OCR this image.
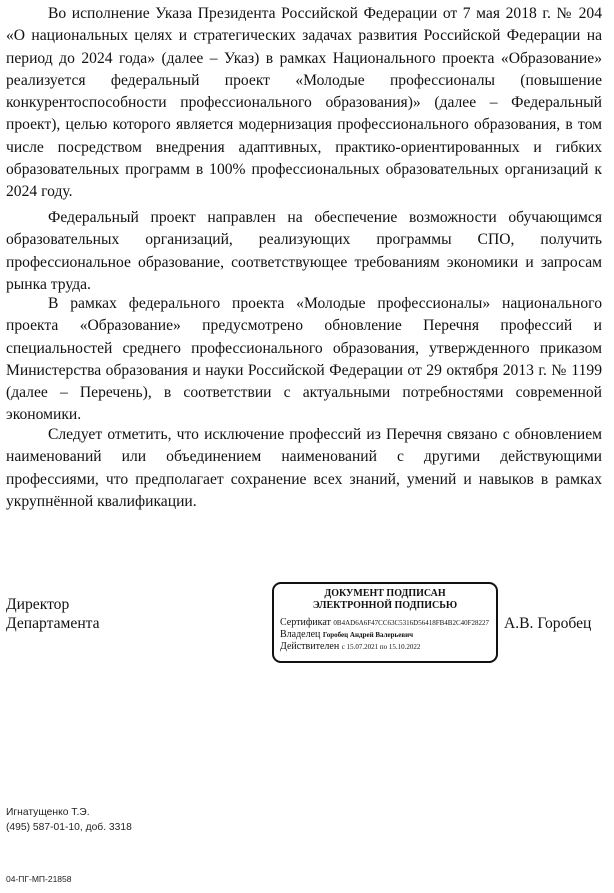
Во исполнение Указа Президента Российской Федерации от 7 мая 2018 г. № 204 «О национальных целях и стратегических задачах развития Российской Федерации на период до 2024 года» (далее – Указ) в рамках Национального проекта «Образование» реализуется федеральный проект «Молодые профессионалы (повышение конкурентоспособности профессионального образования)» (далее – Федеральный проект), целью которого является модернизация профессионального образования, в том числе посредством внедрения адаптивных, практико-ориентированных и гибких образовательных программ в 100% профессиональных образовательных организаций к 2024 году.

Федеральный проект направлен на обеспечение возможности обучающимся образовательных организаций, реализующих программы СПО, получить профессиональное образование, соответствующее требованиям экономики и запросам рынка труда.

В рамках федерального проекта «Молодые профессионалы» национального проекта «Образование» предусмотрено обновление Перечня профессий и специальностей среднего профессионального образования, утвержденного приказом Министерства образования и науки Российской Федерации от 29 октября 2013 г. № 1199 (далее – Перечень), в соответствии с актуальными потребностями современной экономики.

Следует отметить, что исключение профессий из Перечня связано с обновлением наименований или объединением наименований с другими действующими профессиями, что предполагает сохранение всех знаний, умений и навыков в рамках укрупнённой квалификации.

Директор
Департамента
ДОКУМЕНТ ПОДПИСАН
ЭЛЕКТРОННОЙ ПОДПИСЬЮ
Сертификат 0B4AD6A6F47CC63C5316D56418FB4B2C40F28227
Владелец Горобец Андрей Валерьевич
Действителен с 15.07.2021 по 15.10.2022
А.В. Горобец
Игнатущенко Т.Э.
(495) 587-01-10, доб. 3318
04-ПГ-МП-21858
